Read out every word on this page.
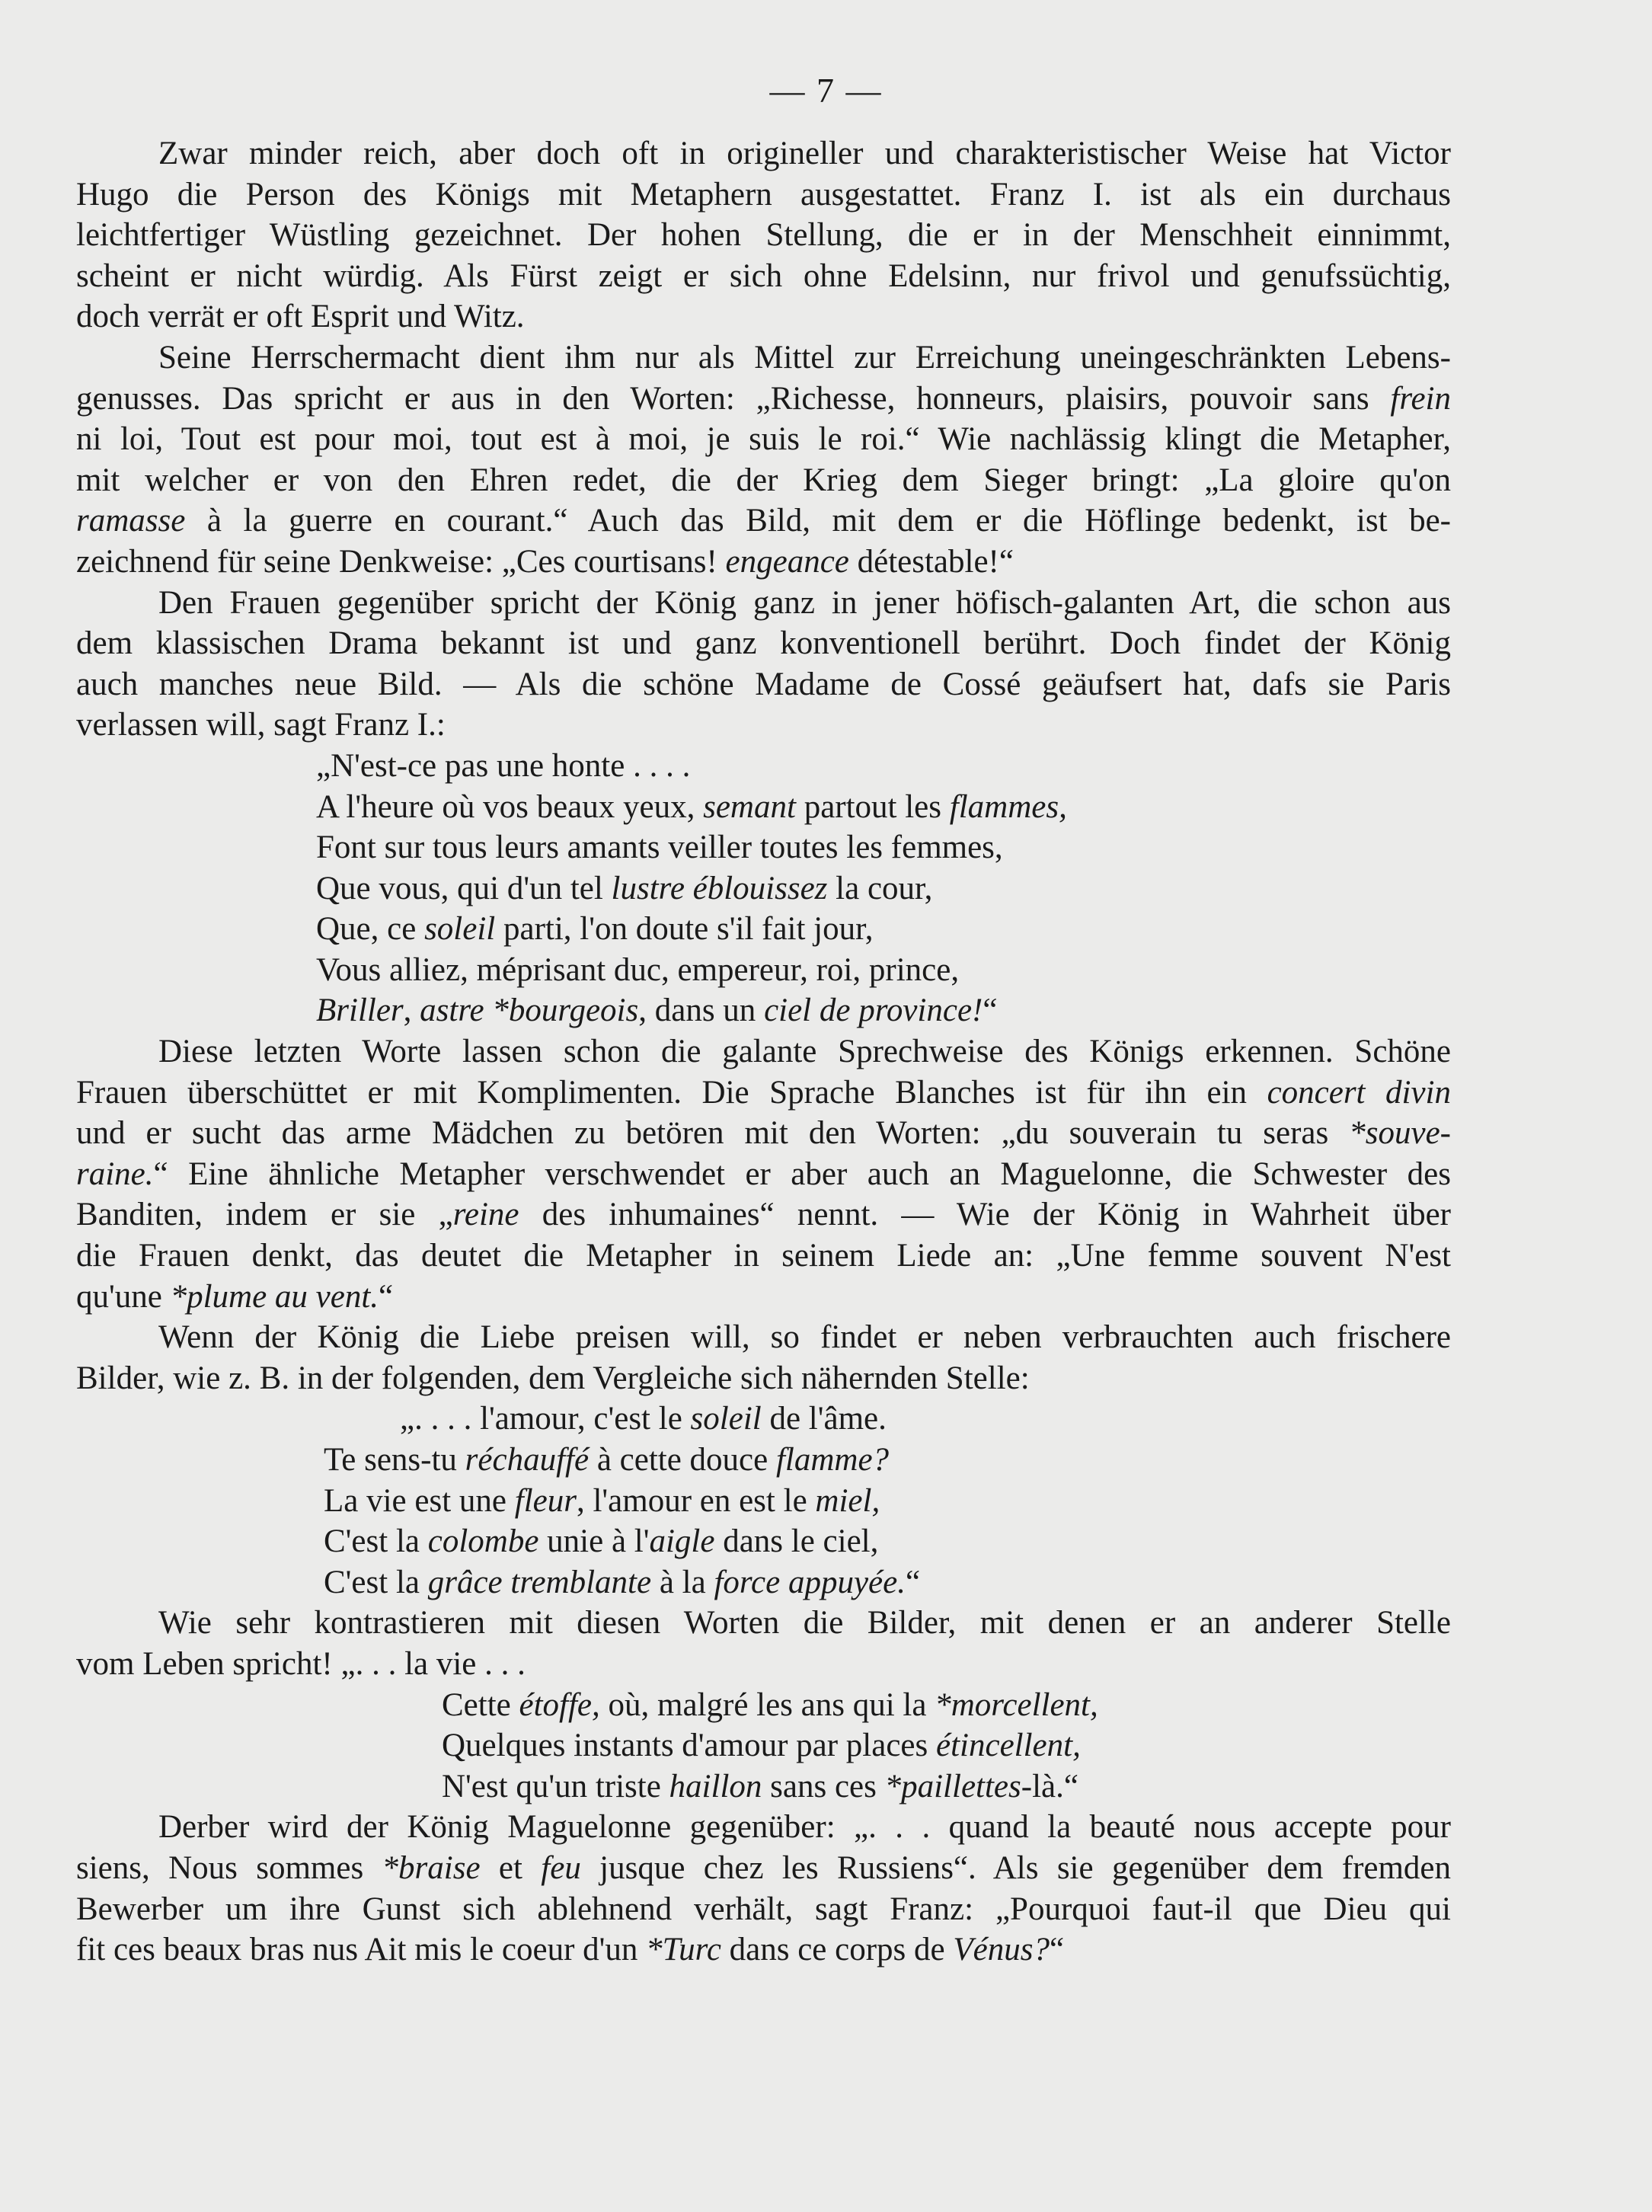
— 7 —
Zwar minder reich, aber doch oft in origineller und charakteristischer Weise hat Victor
Hugo die Person des Königs mit Metaphern ausgestattet. Franz I. ist als ein durchaus
leichtfertiger Wüstling gezeichnet. Der hohen Stellung, die er in der Menschheit einnimmt,
scheint er nicht würdig. Als Fürst zeigt er sich ohne Edelsinn, nur frivol und genufssüchtig,
doch verrät er oft Esprit und Witz.
Seine Herrschermacht dient ihm nur als Mittel zur Erreichung uneingeschränkten Lebens-
genusses. Das spricht er aus in den Worten: „Richesse, honneurs, plaisirs, pouvoir sans frein
ni loi, Tout est pour moi, tout est à moi, je suis le roi.“ Wie nachlässig klingt die Metapher,
mit welcher er von den Ehren redet, die der Krieg dem Sieger bringt: „La gloire qu'on
ramasse à la guerre en courant.“ Auch das Bild, mit dem er die Höflinge bedenkt, ist be-
zeichnend für seine Denkweise: „Ces courtisans! engeance détestable!“
Den Frauen gegenüber spricht der König ganz in jener höfisch-galanten Art, die schon aus
dem klassischen Drama bekannt ist und ganz konventionell berührt. Doch findet der König
auch manches neue Bild. — Als die schöne Madame de Cossé geäufsert hat, dafs sie Paris
verlassen will, sagt Franz I.:
„N'est-ce pas une honte . . . .
A l'heure où vos beaux yeux, semant partout les flammes,
Font sur tous leurs amants veiller toutes les femmes,
Que vous, qui d'un tel lustre éblouissez la cour,
Que, ce soleil parti, l'on doute s'il fait jour,
Vous alliez, méprisant duc, empereur, roi, prince,
Briller, astre *bourgeois, dans un ciel de province!“
Diese letzten Worte lassen schon die galante Sprechweise des Königs erkennen. Schöne
Frauen überschüttet er mit Komplimenten. Die Sprache Blanches ist für ihn ein concert divin
und er sucht das arme Mädchen zu betören mit den Worten: „du souverain tu seras *souve-
raine.“ Eine ähnliche Metapher verschwendet er aber auch an Maguelonne, die Schwester des
Banditen, indem er sie „reine des inhumaines“ nennt. — Wie der König in Wahrheit über
die Frauen denkt, das deutet die Metapher in seinem Liede an: „Une femme souvent N'est
qu'une *plume au vent.“
Wenn der König die Liebe preisen will, so findet er neben verbrauchten auch frischere
Bilder, wie z. B. in der folgenden, dem Vergleiche sich nähernden Stelle:
„. . . . l'amour, c'est le soleil de l'âme.
Te sens-tu réchauffé à cette douce flamme?
La vie est une fleur, l'amour en est le miel,
C'est la colombe unie à l'aigle dans le ciel,
C'est la grâce tremblante à la force appuyée.“
Wie sehr kontrastieren mit diesen Worten die Bilder, mit denen er an anderer Stelle
vom Leben spricht! „. . . la vie . . .
Cette étoffe, où, malgré les ans qui la *morcellent,
Quelques instants d'amour par places étincellent,
N'est qu'un triste haillon sans ces *paillettes-là.“
Derber wird der König Maguelonne gegenüber: „. . . quand la beauté nous accepte pour
siens, Nous sommes *braise et feu jusque chez les Russiens“. Als sie gegenüber dem fremden
Bewerber um ihre Gunst sich ablehnend verhält, sagt Franz: „Pourquoi faut-il que Dieu qui
fit ces beaux bras nus Ait mis le coeur d'un *Turc dans ce corps de Vénus?“
